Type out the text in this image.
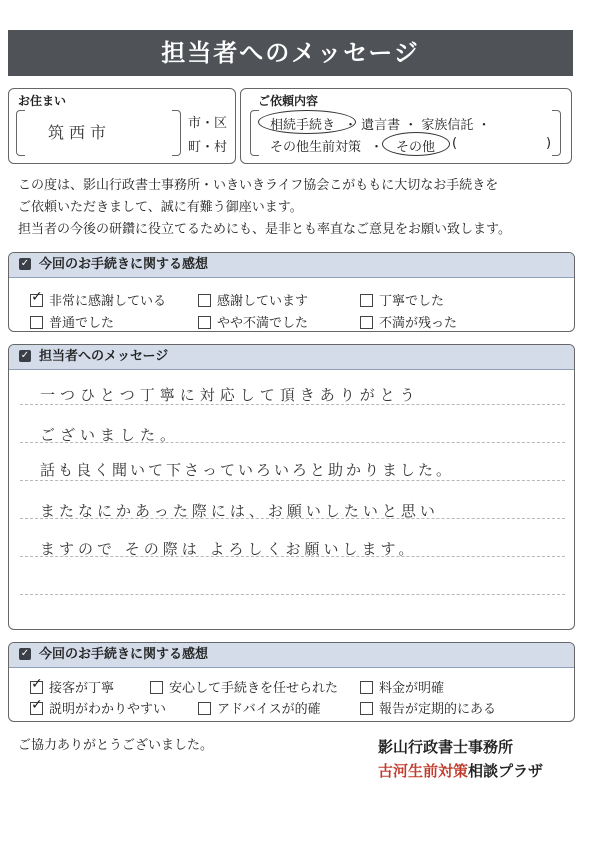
担当者へのメッセージ
お住まい
筑西市	市・区
町・村
ご依頼内容
相続手続き ・ 遺言書 ・ 家族信託 ・
その他生前対策 ・ その他 (	)
この度は、影山行政書士事務所・いきいきライフ協会こがももに大切なお手続きを
ご依頼いただきまして、誠に有難う御座います。
担当者の今後の研鑽に役立てるためにも、是非とも率直なご意見をお願い致します。
✓ 今回のお手続きに関する感想
✓非常に感謝している	感謝しています	丁寧でした
普通でした	やや不満でした	不満が残った
✓ 担当者へのメッセージ
一つひとつ丁寧に対応して頂きありがとう
ございました。
話も良く聞いて下さっていろいろと助かりました。
またなにかあった際には、お願いしたいと思い
ますので その際は よろしくお願いします。
✓ 今回のお手続きに関する感想
✓接客が丁寧	安心して手続きを任せられた	料金が明確
✓説明がわかりやすい	アドバイスが的確	報告が定期的にある
ご協力ありがとうございました。	影山行政書士事務所
古河生前対策相談プラザ
